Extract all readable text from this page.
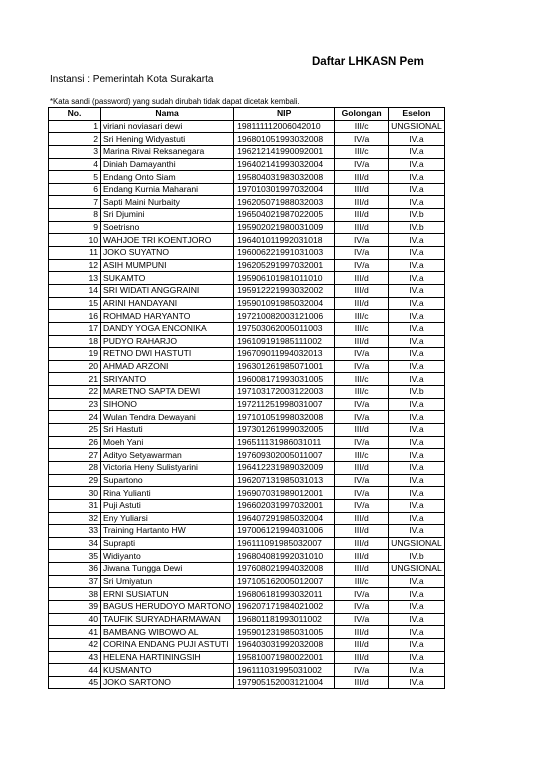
Daftar LHKASN Pem
Instansi : Pemerintah Kota Surakarta
*Kata sandi (password) yang sudah dirubah tidak dapat dicetak kembali.
No.	Nama	NIP	Golongan	Eselon
1	viriani noviasari dewi	198111112006042010	III/c	UNGSIONAL
2	Sri Hening Widyastuti	196801051993032008	IV/a	IV.a
3	Marina Rivai Reksanegara	196212141990092001	III/c	IV.a
4	Diniah Damayanthi	196402141993032004	IV/a	IV.a
5	Endang Onto Siam	195804031983032008	III/d	IV.a
6	Endang Kurnia Maharani	197010301997032004	III/d	IV.a
7	Sapti Maini Nurbaity	196205071988032003	III/d	IV.a
8	Sri Djumini	196504021987022005	III/d	IV.b
9	Soetrisno	195902021980031009	III/d	IV.b
10	WAHJOE TRI KOENTJORO	196401011992031018	IV/a	IV.a
11	JOKO SUYATNO	196006221991031003	IV/a	IV.a
12	ASIH MUMPUNI	196205291997032001	IV/a	IV.a
13	SUKAMTO	195906101981011010	III/d	IV.a
14	SRI WIDATI ANGGRAINI	195912221993032002	III/d	IV.a
15	ARINI HANDAYANI	195901091985032004	III/d	IV.a
16	ROHMAD HARYANTO	197210082003121006	III/c	IV.a
17	DANDY YOGA ENCONIKA	197503062005011003	III/c	IV.a
18	PUDYO RAHARJO	196109191985111002	III/d	IV.a
19	RETNO DWI HASTUTI	196709011994032013	IV/a	IV.a
20	AHMAD ARZONI	196301261985071001	IV/a	IV.a
21	SRIYANTO	196008171993031005	III/c	IV.a
22	MARETNO SAPTA DEWI	197103172003122003	III/c	IV.b
23	SIHONO	197211251998031007	IV/a	IV.a
24	Wulan Tendra Dewayani	197101051998032008	IV/a	IV.a
25	Sri Hastuti	197301261999032005	III/d	IV.a
26	Moeh Yani	196511131986031011	IV/a	IV.a
27	Adityo Setyawarman	197609302005011007	III/c	IV.a
28	Victoria Heny Sulistyarini	196412231989032009	III/d	IV.a
29	Supartono	196207131985031013	IV/a	IV.a
30	Rina Yulianti	196907031989012001	IV/a	IV.a
31	Puji Astuti	196602031997032001	IV/a	IV.a
32	Eny Yuliarsi	196407291985032004	III/d	IV.a
33	Training Hartanto HW	197006121994031006	III/d	IV.a
34	Suprapti	196111091985032007	III/d	UNGSIONAL
35	Widiyanto	196804081992031010	III/d	IV.b
36	Jiwana Tungga Dewi	197608021994032008	III/d	UNGSIONAL
37	Sri Umiyatun	197105162005012007	III/c	IV.a
38	ERNI SUSIATUN	196806181993032011	IV/a	IV.a
39	BAGUS HERUDOYO MARTONO	196207171984021002	IV/a	IV.a
40	TAUFIK SURYADHARMAWAN	196801181993011002	IV/a	IV.a
41	BAMBANG WIBOWO AL	195901231985031005	III/d	IV.a
42	CORINA ENDANG PUJI ASTUTI	196403031992032008	III/d	IV.a
43	HELENA HARTININGSIH	195810071980022001	III/d	IV.a
44	KUSMANTO	196111031995031002	IV/a	IV.a
45	JOKO SARTONO	197905152003121004	III/d	IV.a
